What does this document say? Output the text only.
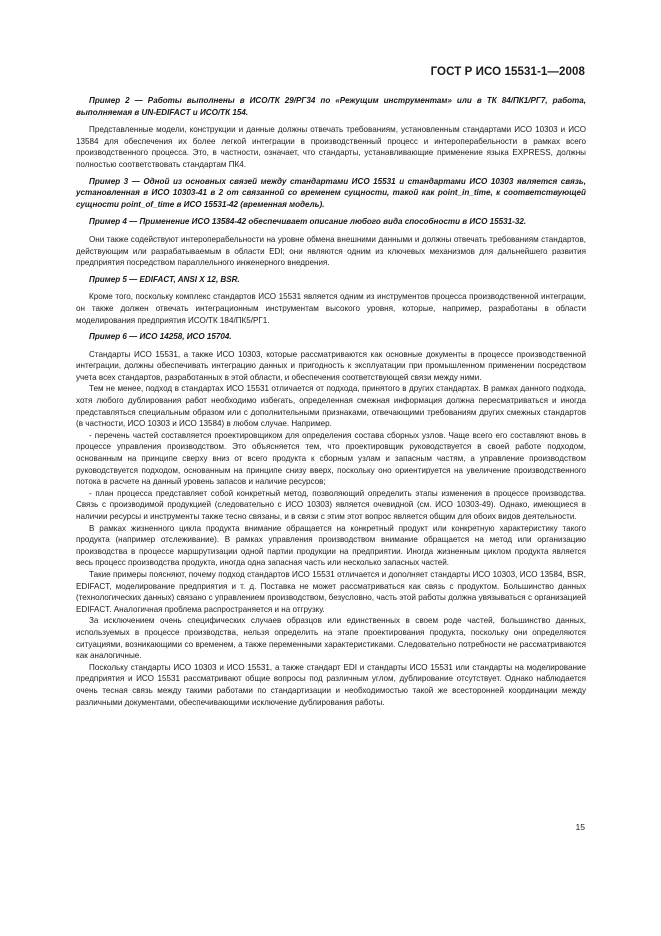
ГОСТ Р ИСО 15531-1—2008

Пример 2 — Работы выполнены в ИСО/ТК 29/РГ34 по «Режущим инструментам» или в ТК 84/ПК1/РГ7, работа, выполняемая в UN-EDIFACT и ИСО/ТК 154.

Представленные модели, конструкции и данные должны отвечать требованиям, установленным стандартами ИСО 10303 и ИСО 13584 для обеспечения их более легкой интеграции в производственный процесс и интероперабельности в рамках всего производственного процесса. Это, в частности, означает, что стандарты, устанавливающие применение языка EXPRESS, должны полностью соответствовать стандартам ПК4.

Пример 3 — Одной из основных связей между стандартами ИСО 15531 и стандартами ИСО 10303 является связь, установленная в ИСО 10303-41 в 2 от связанной со временем сущности, такой как point_in_time, к соответствующей сущности point_of_time в ИСО 15531-42 (временная модель).

Пример 4 — Применение ИСО 13584-42 обеспечивает описание любого вида способности в ИСО 15531-32.

Они также содействуют интероперабельности на уровне обмена внешними данными и должны отвечать требованиям стандартов, действующим или разрабатываемым в области EDI; они являются одним из ключевых механизмов для дальнейшего развития предприятия посредством параллельного инженерного внедрения.

Пример 5 — EDIFACT, ANSI X 12, BSR.

Кроме того, поскольку комплекс стандартов ИСО 15531 является одним из инструментов процесса производственной интеграции, он также должен отвечать интеграционным инструментам высокого уровня, которые, например, разработаны в области моделирования предприятия ИСО/ТК 184/ПК5/РГ1.

Пример 6 — ИСО 14258, ИСО 15704.

Стандарты ИСО 15531, а также ИСО 10303, которые рассматриваются как основные документы в процессе производственной интеграции, должны обеспечивать интеграцию данных и пригодность к эксплуатации при промышленном применении посредством учета всех стандартов, разработанных в этой области, и обеспечения соответствующей связи между ними.

Тем не менее, подход в стандартах ИСО 15531 отличается от подхода, принятого в других стандартах. В рамках данного подхода, хотя любого дублирования работ необходимо избегать, определенная смежная информация должна пересматриваться и иногда представляться специальным образом или с дополнительными признаками, отвечающими требованиям других смежных стандартов (в частности, ИСО 10303 и ИСО 13584) в любом случае. Например.

- перечень частей составляется проектировщиком для определения состава сборных узлов. Чаще всего его составляют вновь в процессе управления производством. Это объясняется тем, что проектировщик руководствуется в своей работе подходом, основанным на принципе сверху вниз от всего продукта к сборным узлам и запасным частям, а управление производством руководствуется подходом, основанным на принципе снизу вверх, поскольку оно ориентируется на увеличение производственного потока в расчете на данный уровень запасов и наличие ресурсов;

- план процесса представляет собой конкретный метод, позволяющий определить этапы изменения в процессе производства. Связь с производимой продукцией (следовательно с ИСО 10303) является очевидной (см. ИСО 10303-49). Однако, имеющиеся в наличии ресурсы и инструменты также тесно связаны, и в связи с этим этот вопрос является общим для обоих видов деятельности.

В рамках жизненного цикла продукта внимание обращается на конкретный продукт или конкретную характеристику такого продукта (например отслеживание). В рамках управления производством внимание обращается на метод или организацию производства в процессе маршрутизации одной партии продукции на предприятии. Иногда жизненным циклом продукта является весь процесс производства продукта, иногда одна запасная часть или несколько запасных частей.

Такие примеры поясняют, почему подход стандартов ИСО 15531 отличается и дополняет стандарты ИСО 10303, ИСО 13584, BSR, EDIFACT, моделирование предприятия и т. д. Поставка не может рассматриваться как связь с продуктом. Большинство данных (технологических данных) связано с управлением производством, безусловно, часть этой работы должна увязываться с организацией EDIFACT. Аналогичная проблема распространяется и на отгрузку.

За исключением очень специфических случаев образцов или единственных в своем роде частей, большинство данных, используемых в процессе производства, нельзя определить на этапе проектирования продукта, поскольку они определяются ситуациями, возникающими со временем, а также переменными характеристиками. Следовательно потребности не рассматриваются как аналогичные.

Поскольку стандарты ИСО 10303 и ИСО 15531, а также стандарт EDI и стандарты ИСО 15531 или стандарты на моделирование предприятия и ИСО 15531 рассматривают общие вопросы под различным углом, дублирование отсутствует. Однако наблюдается очень тесная связь между такими работами по стандартизации и необходимостью такой же всесторонней координации между различными документами, обеспечивающими исключение дублирования работы.

15
